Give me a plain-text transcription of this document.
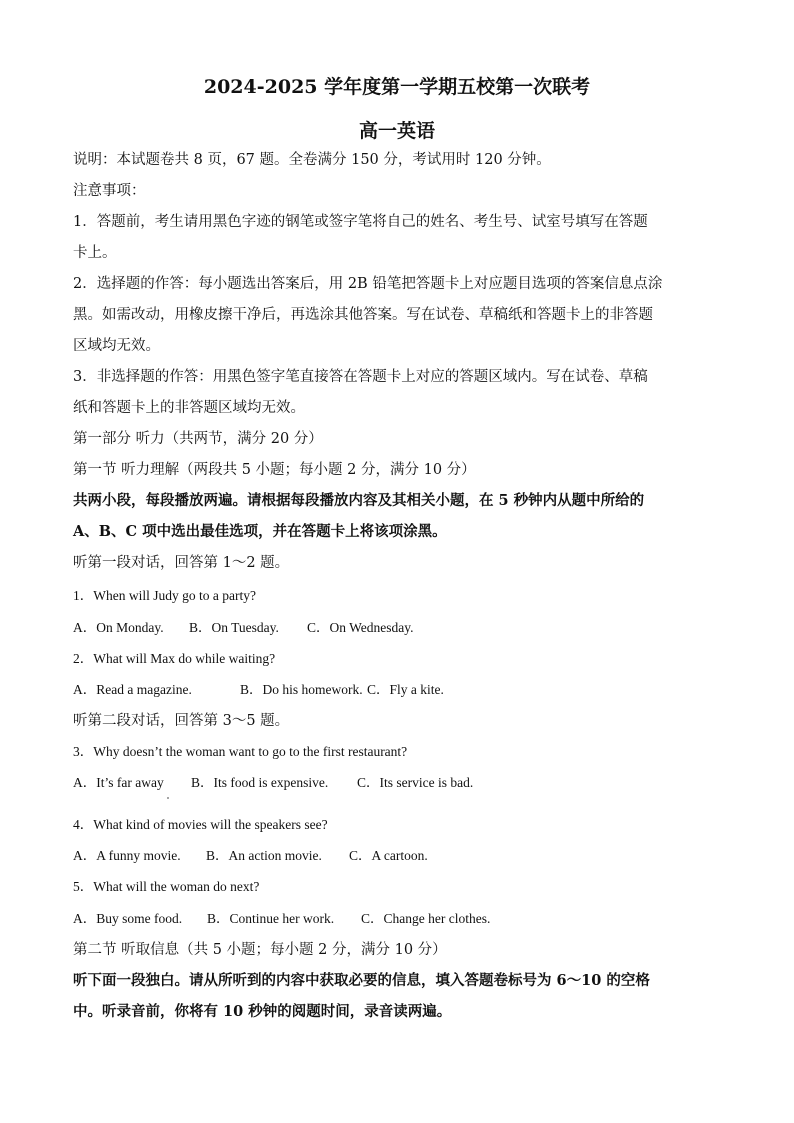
2024-2025 学年度第一学期五校第一次联考
高一英语
说明：本试题卷共 8 页，67 题。全卷满分 150 分，考试用时 120 分钟。
注意事项：
1．答题前，考生请用黑色字迹的钢笔或签字笔将自己的姓名、考生号、试室号填写在答题
卡上。
2．选择题的作答：每小题选出答案后，用 2B 铅笔把答题卡上对应题目选项的答案信息点涂
黑。如需改动，用橡皮擦干净后，再选涂其他答案。写在试卷、草稿纸和答题卡上的非答题
区域均无效。
3．非选择题的作答：用黑色签字笔直接答在答题卡上对应的答题区域内。写在试卷、草稿
纸和答题卡上的非答题区域均无效。
第一部分 听力（共两节，满分 20 分）
第一节 听力理解（两段共 5 小题；每小题 2 分，满分 10 分）
共两小段，每段播放两遍。请根据每段播放内容及其相关小题，在 5 秒钟内从题中所给的
A、B、C 项中选出最佳选项，并在答题卡上将该项涂黑。
听第一段对话，回答第 1～2 题。
1．When will Judy go to a party?
A．On Monday. B．On Tuesday. C．On Wednesday.
2．What will Max do while waiting?
A．Read a magazine.	B．Do his homework. C．Fly a kite.
听第二段对话，回答第 3～5 题。
3．Why doesn’t the woman want to go to the first restaurant?
A．It’s far away B．Its food is expensive. C．Its service is bad.
4．What kind of movies will the speakers see?
A．A funny movie. B．An action movie. C．A cartoon.
5．What will the woman do next?
A．Buy some food. B．Continue her work. C．Change her clothes.
第二节 听取信息（共 5 小题；每小题 2 分，满分 10 分）
听下面一段独白。请从所听到的内容中获取必要的信息，填入答题卷标号为 6～10 的空格
中。听录音前，你将有 10 秒钟的阅题时间，录音读两遍。
